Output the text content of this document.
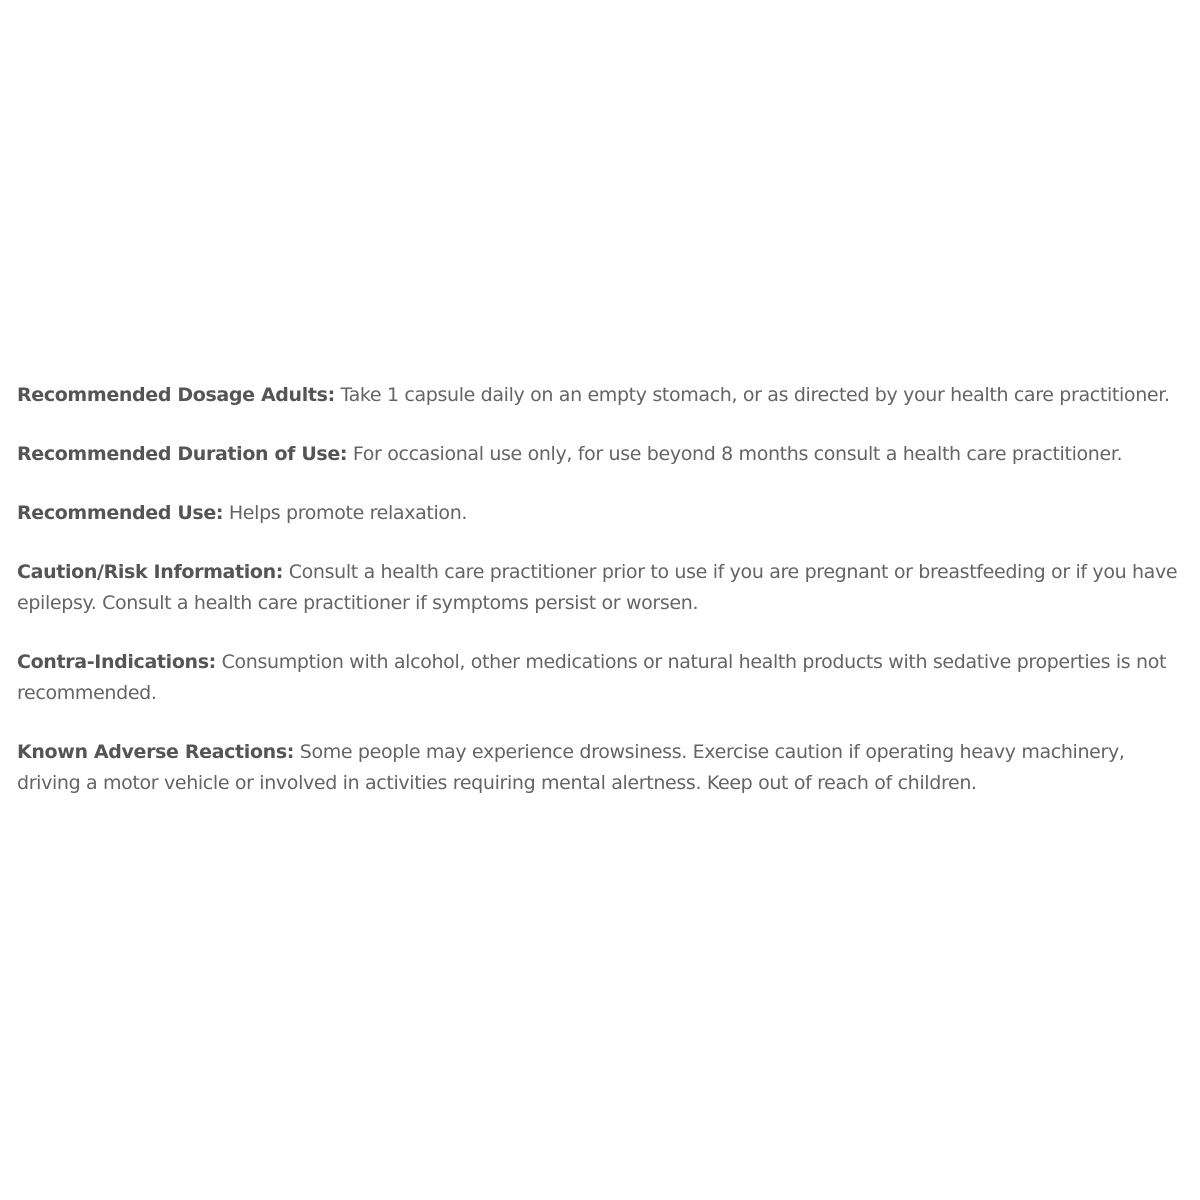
Recommended Dosage Adults: Take 1 capsule daily on an empty stomach, or as directed by your health care practitioner.

Recommended Duration of Use: For occasional use only, for use beyond 8 months consult a health care practitioner.

Recommended Use: Helps promote relaxation.

Caution/Risk Information: Consult a health care practitioner prior to use if you are pregnant or breastfeeding or if you have epilepsy. Consult a health care practitioner if symptoms persist or worsen.

Contra-Indications: Consumption with alcohol, other medications or natural health products with sedative properties is not recommended.

Known Adverse Reactions: Some people may experience drowsiness. Exercise caution if operating heavy machinery, driving a motor vehicle or involved in activities requiring mental alertness. Keep out of reach of children.
